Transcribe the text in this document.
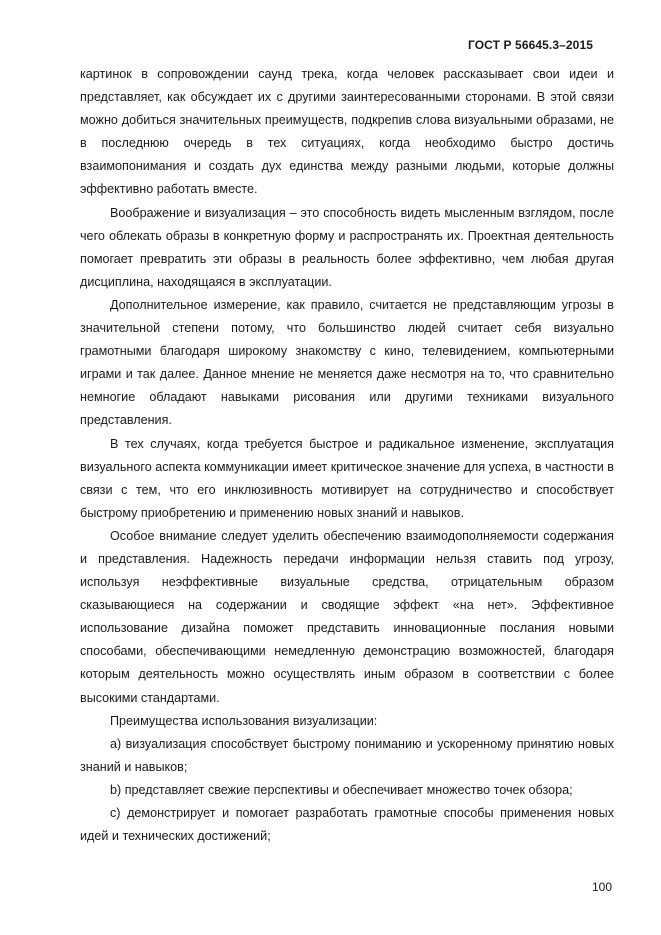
ГОСТ Р 56645.3–2015

картинок в сопровождении саунд трека, когда человек рассказывает свои идеи и представляет, как обсуждает их с другими заинтересованными сторонами. В этой связи можно добиться значительных преимуществ, подкрепив слова визуальными образами, не в последнюю очередь в тех ситуациях, когда необходимо быстро достичь взаимопонимания и создать дух единства между разными людьми, которые должны эффективно работать вместе.

Воображение и визуализация – это способность видеть мысленным взглядом, после чего облекать образы в конкретную форму и распространять их. Проектная деятельность помогает превратить эти образы в реальность более эффективно, чем любая другая дисциплина, находящаяся в эксплуатации.

Дополнительное измерение, как правило, считается не представляющим угрозы в значительной степени потому, что большинство людей считает себя визуально грамотными благодаря широкому знакомству с кино, телевидением, компьютерными играми и так далее. Данное мнение не меняется даже несмотря на то, что сравнительно немногие обладают навыками рисования или другими техниками визуального представления.

В тех случаях, когда требуется быстрое и радикальное изменение, эксплуатация визуального аспекта коммуникации имеет критическое значение для успеха, в частности в связи с тем, что его инклюзивность мотивирует на сотрудничество и способствует быстрому приобретению и применению новых знаний и навыков.

Особое внимание следует уделить обеспечению взаимодополняемости содержания и представления. Надежность передачи информации нельзя ставить под угрозу, используя неэффективные визуальные средства, отрицательным образом сказывающиеся на содержании и сводящие эффект «на нет». Эффективное использование дизайна поможет представить инновационные послания новыми способами, обеспечивающими немедленную демонстрацию возможностей, благодаря которым деятельность можно осуществлять иным образом в соответствии с более высокими стандартами.

Преимущества использования визуализации:

а) визуализация способствует быстрому пониманию и ускоренному принятию новых знаний и навыков;

b) представляет свежие перспективы и обеспечивает множество точек обзора;

с) демонстрирует и помогает разработать грамотные способы применения новых идей и технических достижений;

100
